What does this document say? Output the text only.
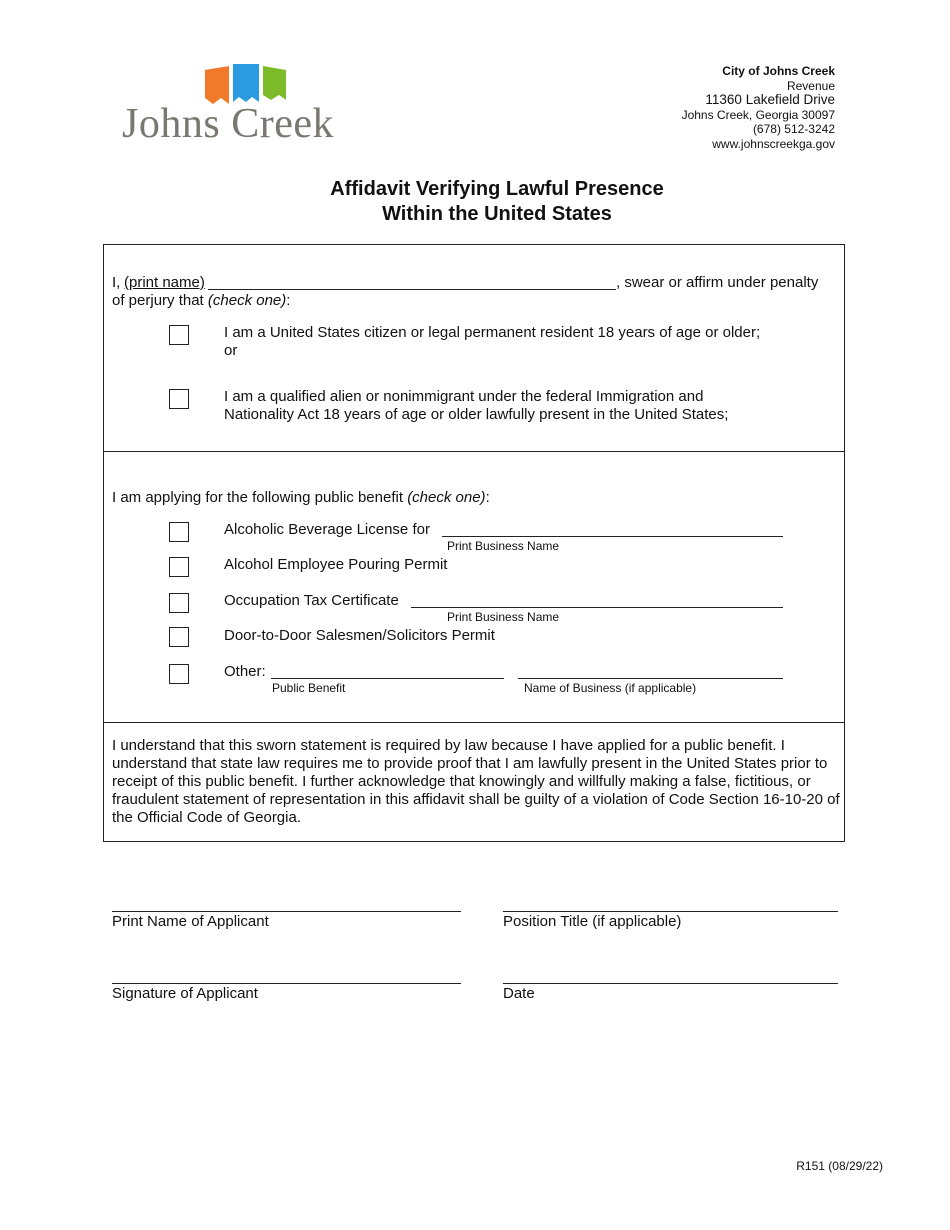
Johns Creek
City of Johns Creek
Revenue
11360 Lakefield Drive
Johns Creek, Georgia 30097
(678) 512-3242
www.johnscreekga.gov
Affidavit Verifying Lawful Presence
Within the United States
I, (print name)	, swear or affirm under penalty
of perjury that (check one):
I am a United States citizen or legal permanent resident 18 years of age or older;
or
I am a qualified alien or nonimmigrant under the federal Immigration and
Nationality Act 18 years of age or older lawfully present in the United States;
I am applying for the following public benefit (check one):
Alcoholic Beverage License for
Print Business Name
Alcohol Employee Pouring Permit
Occupation Tax Certificate
Print Business Name
Door-to-Door Salesmen/Solicitors Permit
Other:
Public Benefit	Name of Business (if applicable)
I understand that this sworn statement is required by law because I have applied for a public benefit. I understand that state law requires me to provide proof that I am lawfully present in the United States prior to receipt of this public benefit. I further acknowledge that knowingly and willfully making a false, fictitious, or fraudulent statement of representation in this affidavit shall be guilty of a violation of Code Section 16-10-20 of the Official Code of Georgia.
Print Name of Applicant	Position Title (if applicable)
Signature of Applicant	Date
R151 (08/29/22)
